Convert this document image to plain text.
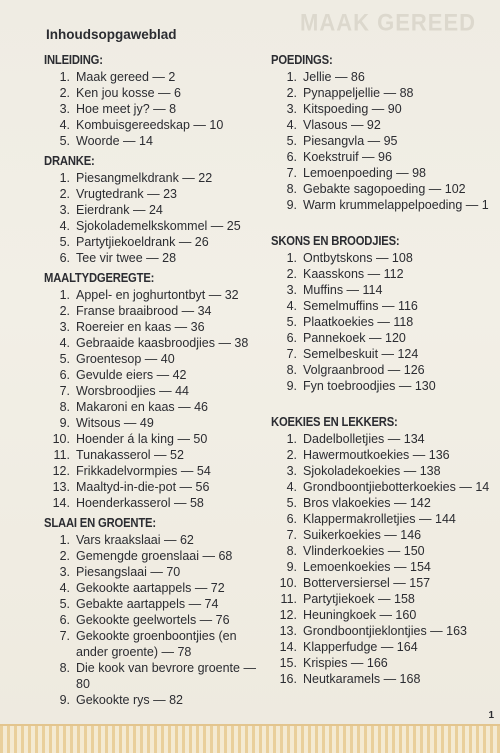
MAAK GEREED
Inhoudsopgaweblad
INLEIDING:
1. Maak gereed — 2
2. Ken jou kosse — 6
3. Hoe meet jy? — 8
4. Kombuisgereedskap — 10
5. Woorde — 14
DRANKE:
1. Piesangmelkdrank — 22
2. Vrugtedrank — 23
3. Eierdrank — 24
4. Sjokolademelkskommel — 25
5. Partytjiekoeldrank — 26
6. Tee vir twee — 28
MAALTYDGEREGTE:
1. Appel- en joghurtontbyt — 32
2. Franse braaibrood — 34
3. Roereier en kaas — 36
4. Gebraaide kaasbroodjies — 38
5. Groentesop — 40
6. Gevulde eiers — 42
7. Worsbroodjies — 44
8. Makaroni en kaas — 46
9. Witsous — 49
10. Hoender á la king — 50
11. Tunakasserol — 52
12. Frikkadelvormpies — 54
13. Maaltyd-in-die-pot — 56
14. Hoenderkasserol — 58
SLAAI EN GROENTE:
1. Vars kraakslaai — 62
2. Gemengde groenslaai — 68
3. Piesangslaai — 70
4. Gekookte aartappels — 72
5. Gebakte aartappels — 74
6. Gekookte geelwortels — 76
7. Gekookte groenboontjies (en ander groente) — 78
8. Die kook van bevrore groente — 80
9. Gekookte rys — 82
POEDINGS:
1. Jellie — 86
2. Pynappeljellie — 88
3. Kitspoeding — 90
4. Vlasous — 92
5. Piesangvla — 95
6. Koekstruif — 96
7. Lemoenpoeding — 98
8. Gebakte sagopoeding — 102
9. Warm krummelappelpoeding — 1
SKONS EN BROODJIES:
1. Ontbytskons — 108
2. Kaasskons — 112
3. Muffins — 114
4. Semelmuffins — 116
5. Plaatkoekies — 118
6. Pannekoek — 120
7. Semelbeskuit — 124
8. Volgraanbrood — 126
9. Fyn toebroodjies — 130
KOEKIES EN LEKKERS:
1. Dadelbolletjies — 134
2. Hawermoutkoekies — 136
3. Sjokoladekoekies — 138
4. Grondboontjiebotterkoekies — 14
5. Bros vlakoekies — 142
6. Klappermakrolletjies — 144
7. Suikerkoekies — 146
8. Vlinderkoekies — 150
9. Lemoenkoekies — 154
10. Botterversiersel — 157
11. Partytjiekoek — 158
12. Heuningkoek — 160
13. Grondboontjieklontjies — 163
14. Klapperfudge — 164
15. Krispies — 166
16. Neutkaramels — 168
1
